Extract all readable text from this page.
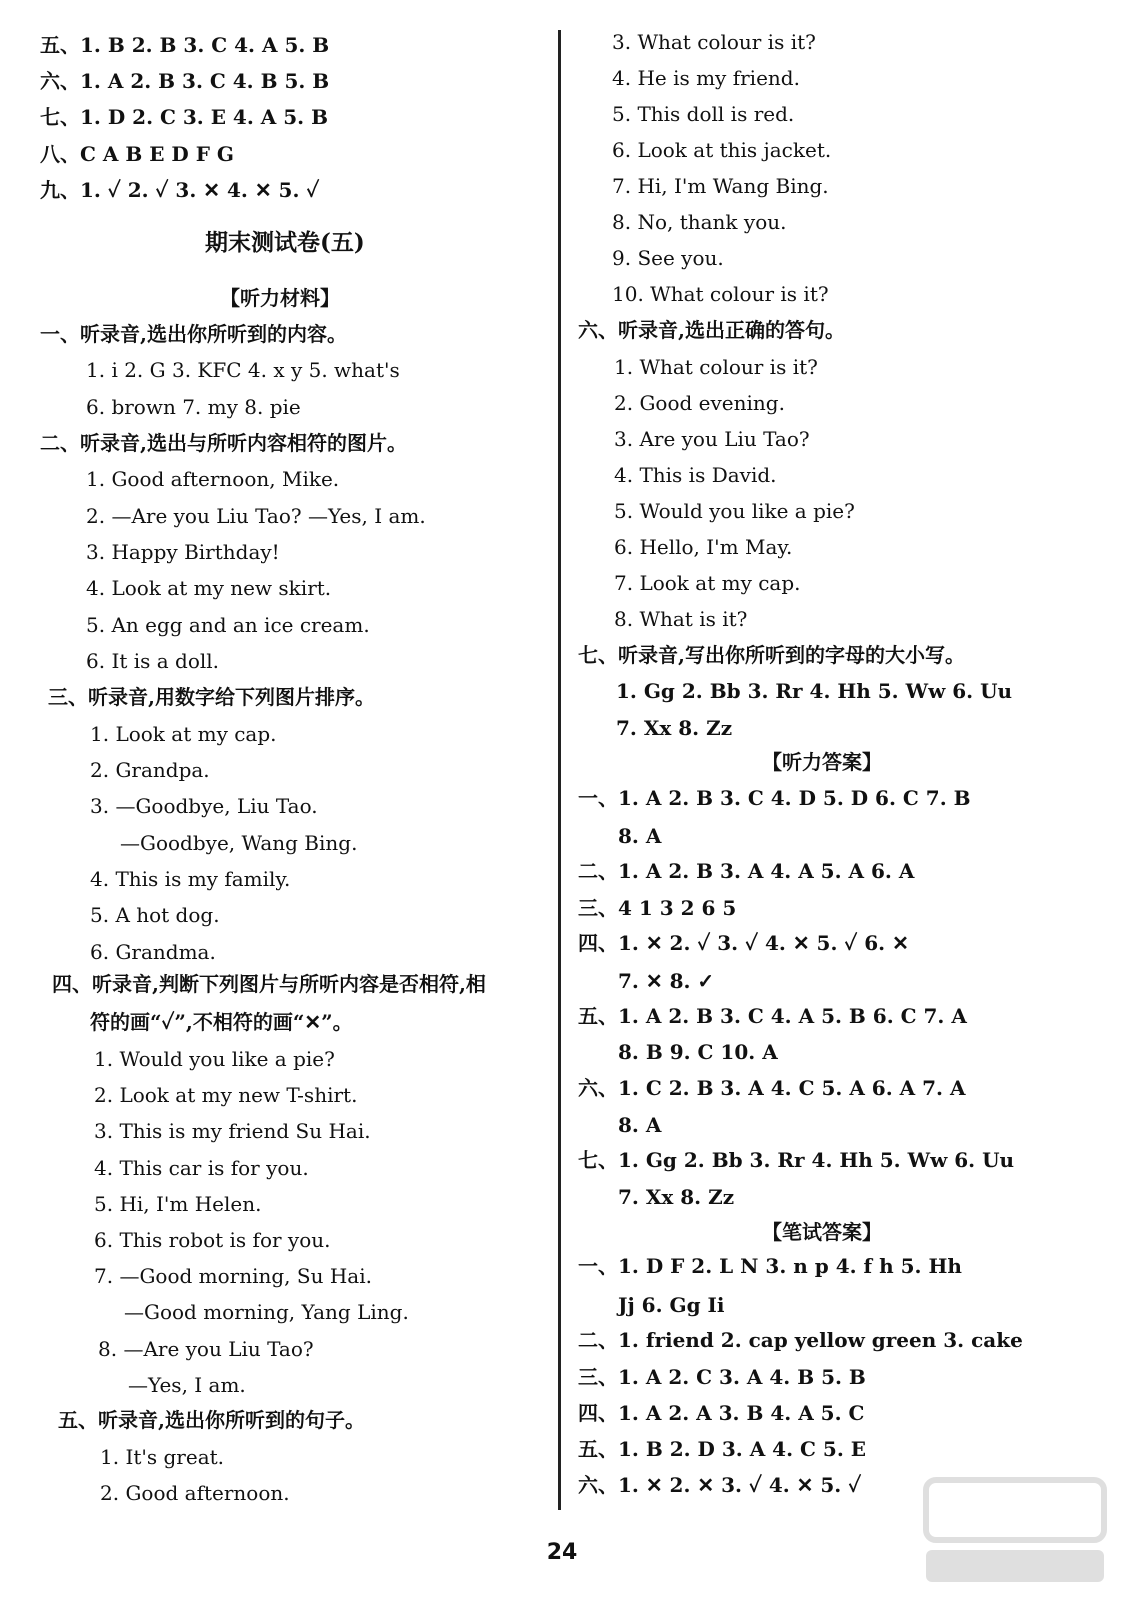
五、1. B 2. B 3. C 4. A 5. B
六、1. A 2. B 3. C 4. B 5. B
七、1. D 2. C 3. E 4. A 5. B
八、C A B E D F G
九、1. ✓ 2. ✓ 3. ✕ 4. ✕ 5. ✓
期末测试卷(五)
【听力材料】
一、听录音,选出你所听到的内容。
1. i 2. G 3. KFC 4. x y 5. what's
6. brown 7. my 8. pie
二、听录音,选出与所听内容相符的图片。
1. Good afternoon, Mike.
2. —Are you Liu Tao? —Yes, I am.
3. Happy Birthday!
4. Look at my new skirt.
5. An egg and an ice cream.
6. It is a doll.
三、听录音,用数字给下列图片排序。
1. Look at my cap.
2. Grandpa.
3. —Goodbye, Liu Tao.
—Goodbye, Wang Bing.
4. This is my family.
5. A hot dog.
6. Grandma.
四、听录音,判断下列图片与所听内容是否相符,相
符的画“✓”,不相符的画“✕”。
1. Would you like a pie?
2. Look at my new T-shirt.
3. This is my friend Su Hai.
4. This car is for you.
5. Hi, I'm Helen.
6. This robot is for you.
7. —Good morning, Su Hai.
—Good morning, Yang Ling.
8. —Are you Liu Tao?
—Yes, I am.
五、听录音,选出你所听到的句子。
1. It's great.
2. Good afternoon.
3. What colour is it?
4. He is my friend.
5. This doll is red.
6. Look at this jacket.
7. Hi, I'm Wang Bing.
8. No, thank you.
9. See you.
10. What colour is it?
六、听录音,选出正确的答句。
1. What colour is it?
2. Good evening.
3. Are you Liu Tao?
4. This is David.
5. Would you like a pie?
6. Hello, I'm May.
7. Look at my cap.
8. What is it?
七、听录音,写出你所听到的字母的大小写。
1. Gg 2. Bb 3. Rr 4. Hh 5. Ww 6. Uu
7. Xx 8. Zz
【听力答案】
一、1. A 2. B 3. C 4. D 5. D 6. C 7. B
8. A
二、1. A 2. B 3. A 4. A 5. A 6. A
三、4 1 3 2 6 5
四、1. ✕ 2. ✓ 3. ✓ 4. ✕ 5. ✓ 6. ✕
7. ✕ 8. ✓
五、1. A 2. B 3. C 4. A 5. B 6. C 7. A
8. B 9. C 10. A
六、1. C 2. B 3. A 4. C 5. A 6. A 7. A
8. A
七、1. Gg 2. Bb 3. Rr 4. Hh 5. Ww 6. Uu
7. Xx 8. Zz
【笔试答案】
一、1. D F 2. L N 3. n p 4. f h 5. Hh
Jj 6. Gg Ii
二、1. friend 2. cap yellow green 3. cake
三、1. A 2. C 3. A 4. B 5. B
四、1. A 2. A 3. B 4. A 5. C
五、1. B 2. D 3. A 4. C 5. E
六、1. ✕ 2. ✕ 3. ✓ 4. ✕ 5. ✓
24
